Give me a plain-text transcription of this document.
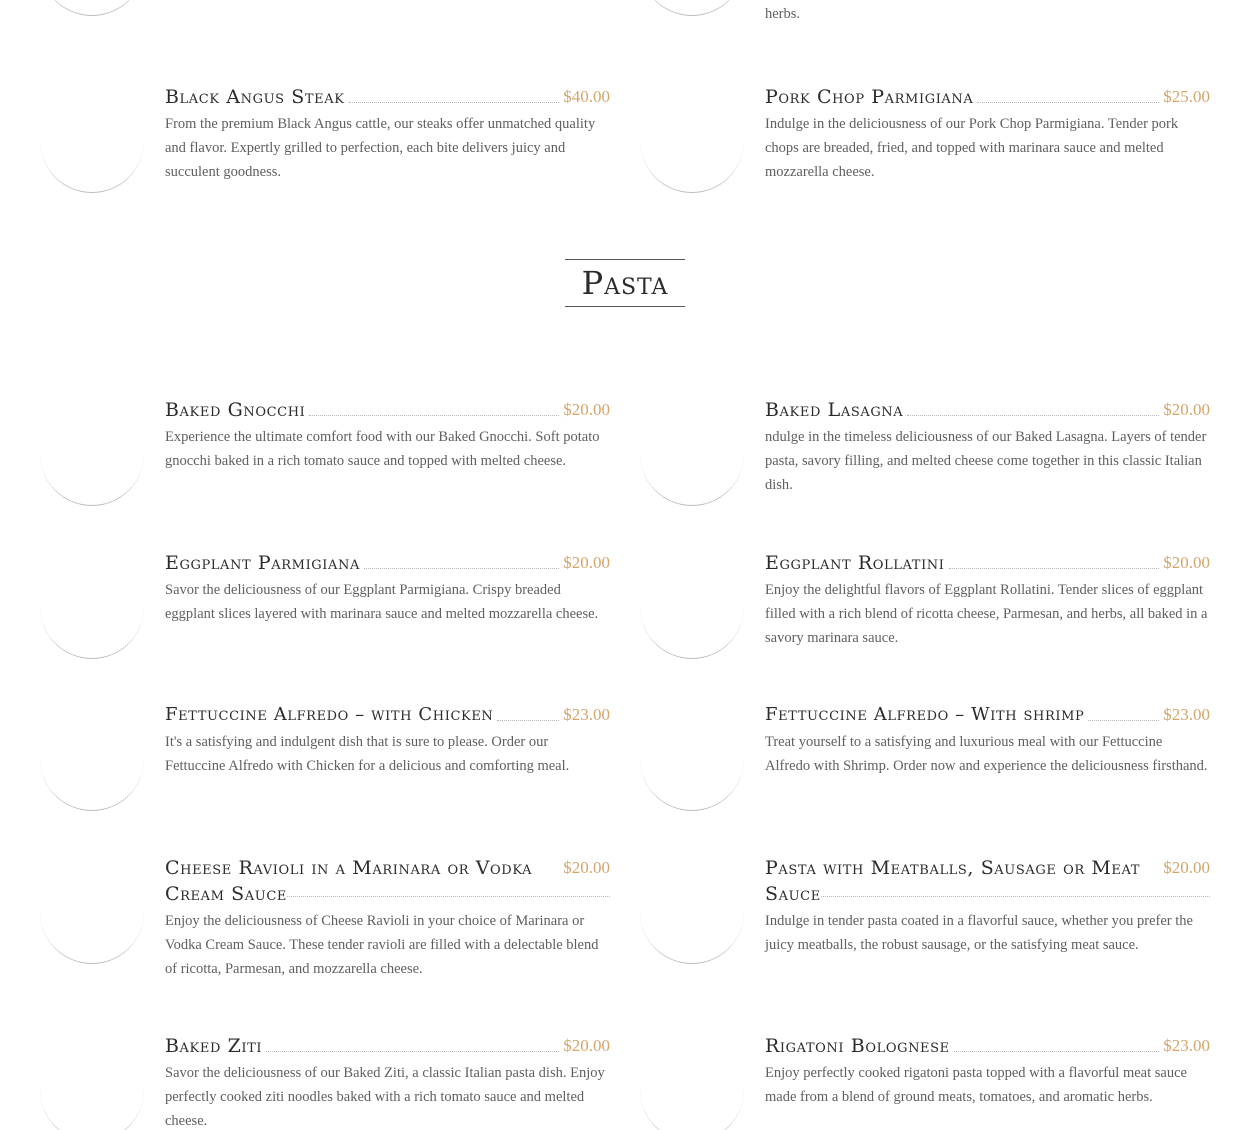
herbs.
Black Angus Steak	$40.00
From the premium Black Angus cattle, our steaks offer unmatched quality and flavor. Expertly grilled to perfection, each bite delivers juicy and succulent goodness.
Pork Chop Parmigiana	$25.00
Indulge in the deliciousness of our Pork Chop Parmigiana. Tender pork chops are breaded, fried, and topped with marinara sauce and melted mozzarella cheese.
Pasta
Baked Gnocchi	$20.00
Experience the ultimate comfort food with our Baked Gnocchi. Soft potato gnocchi baked in a rich tomato sauce and topped with melted cheese.
Baked Lasagna	$20.00
ndulge in the timeless deliciousness of our Baked Lasagna. Layers of tender pasta, savory filling, and melted cheese come together in this classic Italian dish.
Eggplant Parmigiana	$20.00
Savor the deliciousness of our Eggplant Parmigiana. Crispy breaded eggplant slices layered with marinara sauce and melted mozzarella cheese.
Eggplant Rollatini	$20.00
Enjoy the delightful flavors of Eggplant Rollatini. Tender slices of eggplant filled with a rich blend of ricotta cheese, Parmesan, and herbs, all baked in a savory marinara sauce.
Fettuccine Alfredo – with Chicken	$23.00
It's a satisfying and indulgent dish that is sure to please. Order our Fettuccine Alfredo with Chicken for a delicious and comforting meal.
Fettuccine Alfredo – With shrimp	$23.00
Treat yourself to a satisfying and luxurious meal with our Fettuccine Alfredo with Shrimp. Order now and experience the deliciousness firsthand.
Cheese Ravioli in a Marinara or Vodka Cream Sauce
$20.00
Enjoy the deliciousness of Cheese Ravioli in your choice of Marinara or Vodka Cream Sauce. These tender ravioli are filled with a delectable blend of ricotta, Parmesan, and mozzarella cheese.
Pasta with Meatballs, Sausage or Meat Sauce
$20.00
Indulge in tender pasta coated in a flavorful sauce, whether you prefer the juicy meatballs, the robust sausage, or the satisfying meat sauce.
Baked Ziti	$20.00
Savor the deliciousness of our Baked Ziti, a classic Italian pasta dish. Enjoy perfectly cooked ziti noodles baked with a rich tomato sauce and melted cheese.
Rigatoni Bolognese	$23.00
Enjoy perfectly cooked rigatoni pasta topped with a flavorful meat sauce made from a blend of ground meats, tomatoes, and aromatic herbs.
